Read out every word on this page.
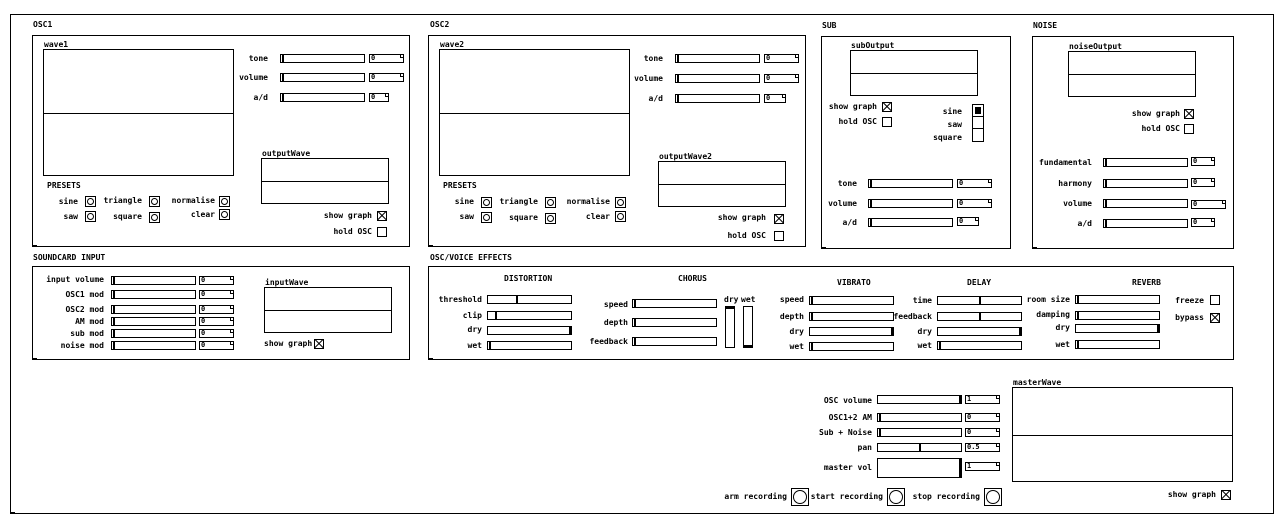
OSC1
wave1
tone	0
volume	0
a/d	0
outputWave
PRESETS
sine
saw
triangle
square
normalise
clear	show graph
hold OSC
OSC2
wave2
tone	0
volume	0
a/d	0
outputWave2
PRESETS
sine
saw
triangle
square
normalise
clear	show graph
hold OSC
SUB
subOutput
show graph
hold OSC
sine
saw
square
tone	0
volume	0
a/d	0
NOISE
noiseOutput
show graph
hold OSC
fundamental	0
harmony	0
volume	0
a/d	0
SOUNDCARD INPUT
input volume	0
OSC1 mod	0
OSC2 mod	0
AM mod	0
sub mod	0
noise mod	0
inputWave
show graph
OSC/VOICE EFFECTS
DISTORTION
threshold
clip
dry
wet
CHORUS
speed
depth
feedback
dry wet
VIBRATO
speed
depth
dry
wet
DELAY
time
feedback
dry
wet
REVERB
room size
damping
dry
wet
freeze
bypass
OSC volume	1
OSC1+2 AM	0
Sub + Noise	0
pan	0.5
master vol	1
masterWave
show graph
arm recording	start recording	stop recording
